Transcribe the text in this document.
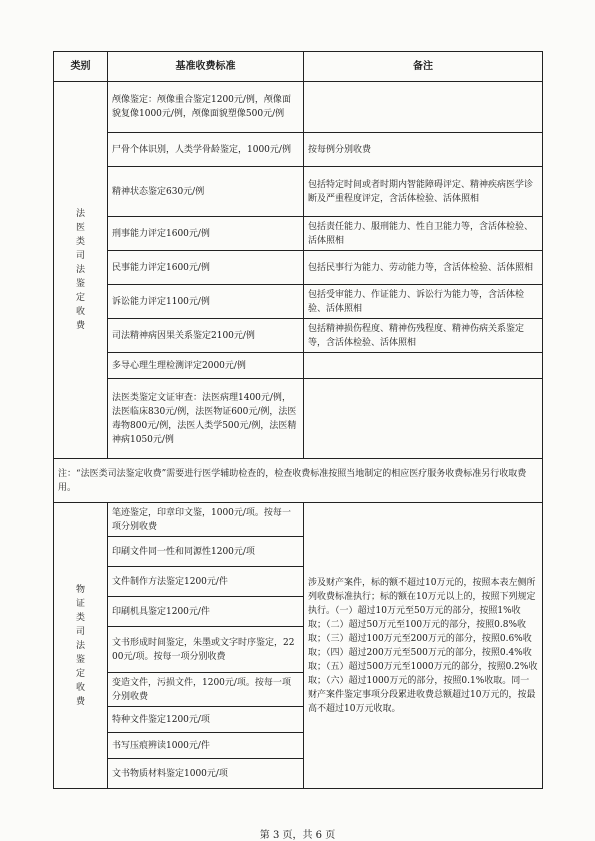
类别	基准收费标准	备注

法医类司法鉴定收费	颅像鉴定：颅像重合鉴定1200元/例，颅像面貌复像1000元/例，颅像面貌塑像500元/例	
	尸骨个体识别，人类学骨龄鉴定，1000元/例	按每例分别收费
	精神状态鉴定630元/例	包括特定时间或者时期内智能障碍评定、精神疾病医学诊断及严重程度评定，含活体检验、活体照相
	刑事能力评定1600元/例	包括责任能力、服刑能力、性自卫能力等，含活体检验、活体照相
	民事能力评定1600元/例	包括民事行为能力、劳动能力等，含活体检验、活体照相
	诉讼能力评定1100元/例	包括受审能力、作证能力、诉讼行为能力等，含活体检验、活体照相
	司法精神病因果关系鉴定2100元/例	包括精神损伤程度、精神伤残程度、精神伤病关系鉴定等，含活体检验、活体照相
	多导心理生理检测评定2000元/例	
	法医类鉴定文证审查：法医病理1400元/例，法医临床830元/例，法医物证600元/例，法医毒物800元/例，法医人类学500元/例，法医精神病1050元/例	
注：“法医类司法鉴定收费”需要进行医学辅助检查的，检查收费标准按照当地制定的相应医疗服务收费标准另行收取费用。		

物证类司法鉴定收费	笔迹鉴定，印章印文鉴，1000元/项。按每一项分别收费	涉及财产案件，标的额不超过10万元的，按照本表左侧所列收费标准执行；标的额在10万元以上的，按照下列规定执行。（一）超过10万元至50万元的部分，按照1%收取；（二）超过50万元至100万元的部分，按照0.8%收取；（三）超过100万元至200万元的部分，按照0.6%收取；（四）超过200万元至500万元的部分，按照0.4%收取；（五）超过500万元至1000万元的部分，按照0.2%收取；（六）超过1000万元的部分，按照0.1%收取。同一财产案件鉴定事项分段累进收费总额超过10万元的，按最高不超过10万元收取。
	印刷文件同一性和同源性1200元/项	
	文件制作方法鉴定1200元/件	
	印刷机具鉴定1200元/件	
	文书形成时间鉴定，朱墨或文字时序鉴定，2200元/项。按每一项分别收费	
	变造文件，污损文件，1200元/项。按每一项分别收费	
	特种文件鉴定1200元/项	
	书写压痕辨读1000元/件	
	文书物质材料鉴定1000元/项	
第 3 页，共 6 页
